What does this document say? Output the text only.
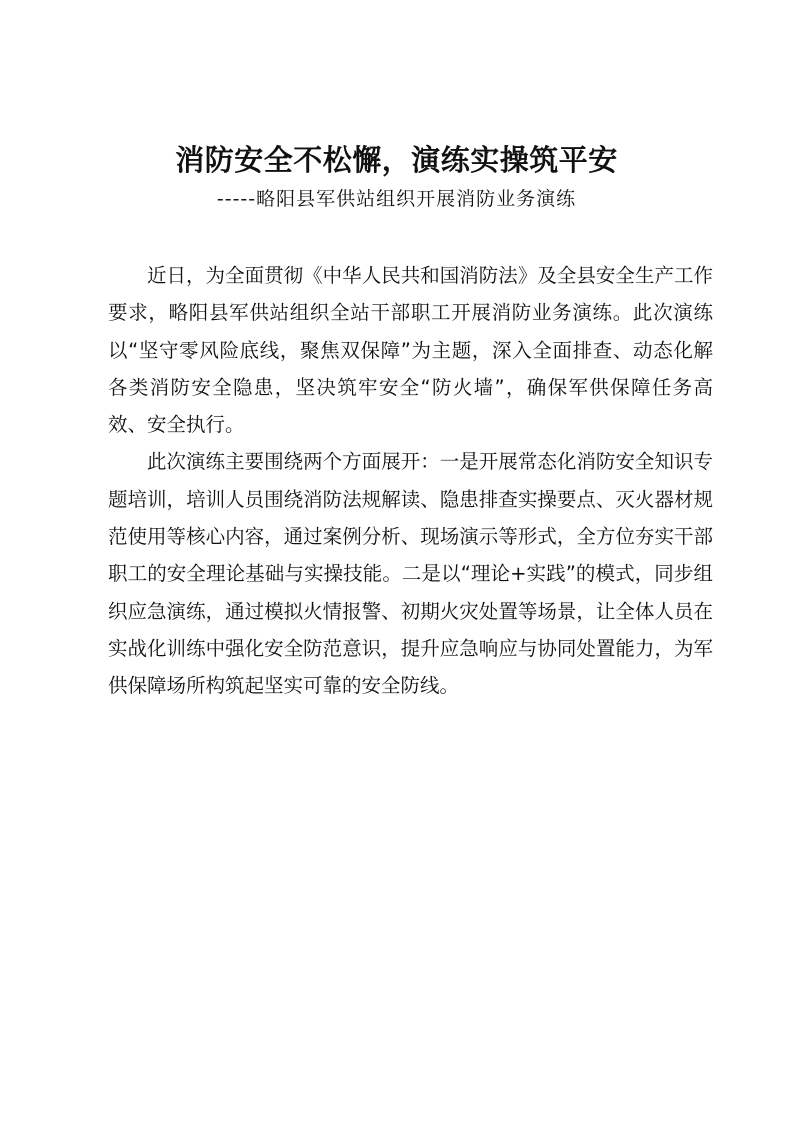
消防安全不松懈，演练实操筑平安
-----略阳县军供站组织开展消防业务演练

近日，为全面贯彻《中华人民共和国消防法》及全县安全生产工作要求，略阳县军供站组织全站干部职工开展消防业务演练。此次演练以“坚守零风险底线，聚焦双保障”为主题，深入全面排查、动态化解各类消防安全隐患，坚决筑牢安全“防火墙”，确保军供保障任务高效、安全执行。

此次演练主要围绕两个方面展开：一是开展常态化消防安全知识专题培训，培训人员围绕消防法规解读、隐患排查实操要点、灭火器材规范使用等核心内容，通过案例分析、现场演示等形式，全方位夯实干部职工的安全理论基础与实操技能。二是以“理论+实践”的模式，同步组织应急演练，通过模拟火情报警、初期火灾处置等场景，让全体人员在实战化训练中强化安全防范意识，提升应急响应与协同处置能力，为军供保障场所构筑起坚实可靠的安全防线。
